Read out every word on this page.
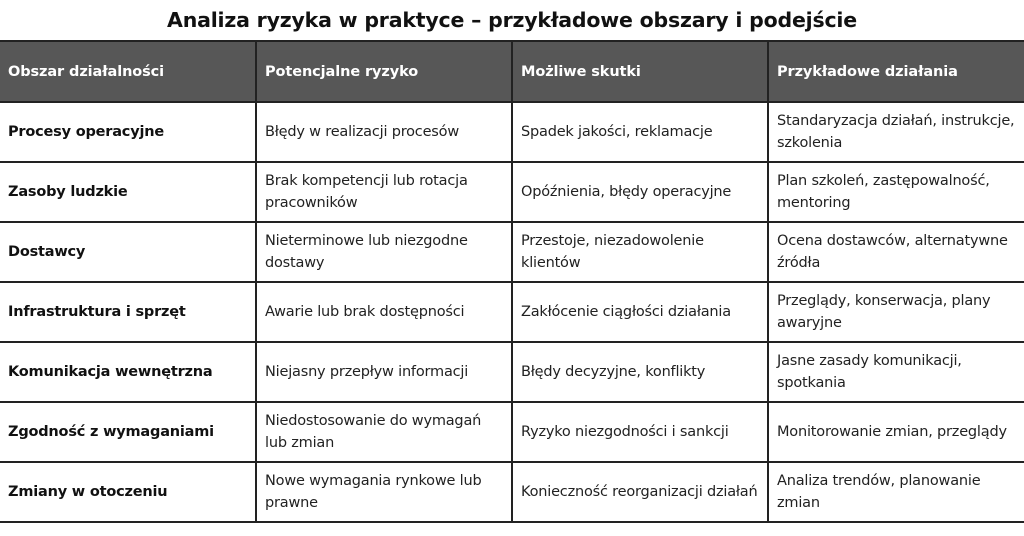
Analiza ryzyka w praktyce – przykładowe obszary i podejście
Obszar działalności	Potencjalne ryzyko	Możliwe skutki	Przykładowe działania
Procesy operacyjne	Błędy w realizacji procesów	Spadek jakości, reklamacje	Standaryzacja działań, instrukcje, szkolenia
Zasoby ludzkie	Brak kompetencji lub rotacja pracowników	Opóźnienia, błędy operacyjne	Plan szkoleń, zastępowalność, mentoring
Dostawcy	Nieterminowe lub niezgodne dostawy	Przestoje, niezadowolenie klientów	Ocena dostawców, alternatywne źródła
Infrastruktura i sprzęt	Awarie lub brak dostępności	Zakłócenie ciągłości działania	Przeglądy, konserwacja, plany awaryjne
Komunikacja wewnętrzna	Niejasny przepływ informacji	Błędy decyzyjne, konflikty	Jasne zasady komunikacji, spotkania
Zgodność z wymaganiami	Niedostosowanie do wymagań lub zmian	Ryzyko niezgodności i sankcji	Monitorowanie zmian, przeglądy
Zmiany w otoczeniu	Nowe wymagania rynkowe lub prawne	Konieczność reorganizacji działań	Analiza trendów, planowanie zmian
